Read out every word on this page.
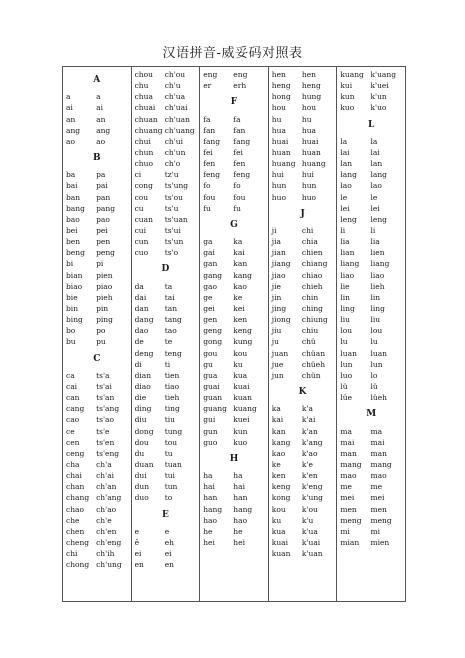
汉语拼音-威妥码对照表
A
a	a
ai	ai
an	an
ang	ang
ao	ao
B
ba	pa
bai	pai
ban	pan
bang	pang
bao	pao
bei	pei
ben	pen
beng	peng
bi	pi
bian	pien
biao	piao
bie	pieh
bin	pin
bing	ping
bo	po
bu	pu
C
ca	ts'a
cai	ts'ai
can	ts'an
cang	ts'ang
cao	ts'ao
ce	ts'e
cen	ts'en
ceng	ts'eng
cha	ch'a
chai	ch'ai
chan	ch'an
chang ch'ang
chao	ch'ao
che	ch'e
chen	ch'en
cheng ch'eng
chi	ch'ih
chong ch'ung
chou	ch'ou
chu	ch'u
chua	ch'ua
chuai	ch'uai
chuan ch'uan
chuang ch'uang
chui	ch'ui
chun	ch'un
chuo	ch'o
ci	tz'u
cong	ts'ung
cou	ts'ou
cu	ts'u
cuan	ts'uan
cui	ts'ui
cun	ts'un
cuo	ts'o
D
da	ta
dai	tai
dan	tan
dang	tang
dao	tao
de	te
deng	teng
di	ti
dian	tien
diao	tiao
die	tieh
ding	ting
diu	tiu
dong	tung
dou	tou
du	tu
duan	tuan
dui	tui
dun	tun
duo	to
E
e	e
ê	eh
ei	ei
en	en
eng	eng
er	erh
F
fa	fa
fan	fan
fang	fang
fei	fei
fen	fen
feng	feng
fo	fo
fou	fou
fu	fu
G
ga	ka
gai	kai
gan	kan
gang	kang
gao	kao
ge	ke
gei	kei
gen	ken
geng	keng
gong	kung
gou	kou
gu	ku
gua	kua
guai	kuai
guan	kuan
guang kuang
gui	kuei
gun	kun
guo	kuo
H
ha	ha
hai	hai
han	han
hang	hang
hao	hao
he	he
hei	hei
hen	hen
heng	heng
hong	hung
hou	hou
hu	hu
hua	hua
huai	huai
huan	huan
huang huang
hui	hui
hun	hun
huo	huo
J
ji	chi
jia	chia
jian	chien
jiang	chiang
jiao	chiao
jie	chieh
jin	chin
jing	ching
jiong	chiung
jiu	chiu
ju	chü
juan	chüan
jue	chüeh
jun	chün
K
ka	k'a
kai	k'ai
kan	k'an
kang	k'ang
kao	k'ao
ke	k'e
ken	k'en
keng	k'eng
kong	k'ung
kou	k'ou
ku	k'u
kua	k'ua
kuai	k'uai
kuan	k'uan
kuang k'uang
kui	k'uei
kun	k'un
kuo	k'uo
L
la	la
lai	lai
lan	lan
lang	lang
lao	lao
le	le
lei	lei
leng	leng
li	li
lia	lia
lian	lien
liang	liang
liao	liao
lie	lieh
lin	lin
ling	ling
liu	liu
lou	lou
lu	lu
luan	luan
lun	lun
luo	lo
lü	lü
lüe	lüeh
M
ma	ma
mai	mai
man	man
mang	mang
mao	mao
me	me
mei	mei
men	men
meng	meng
mi	mi
mian	mien
